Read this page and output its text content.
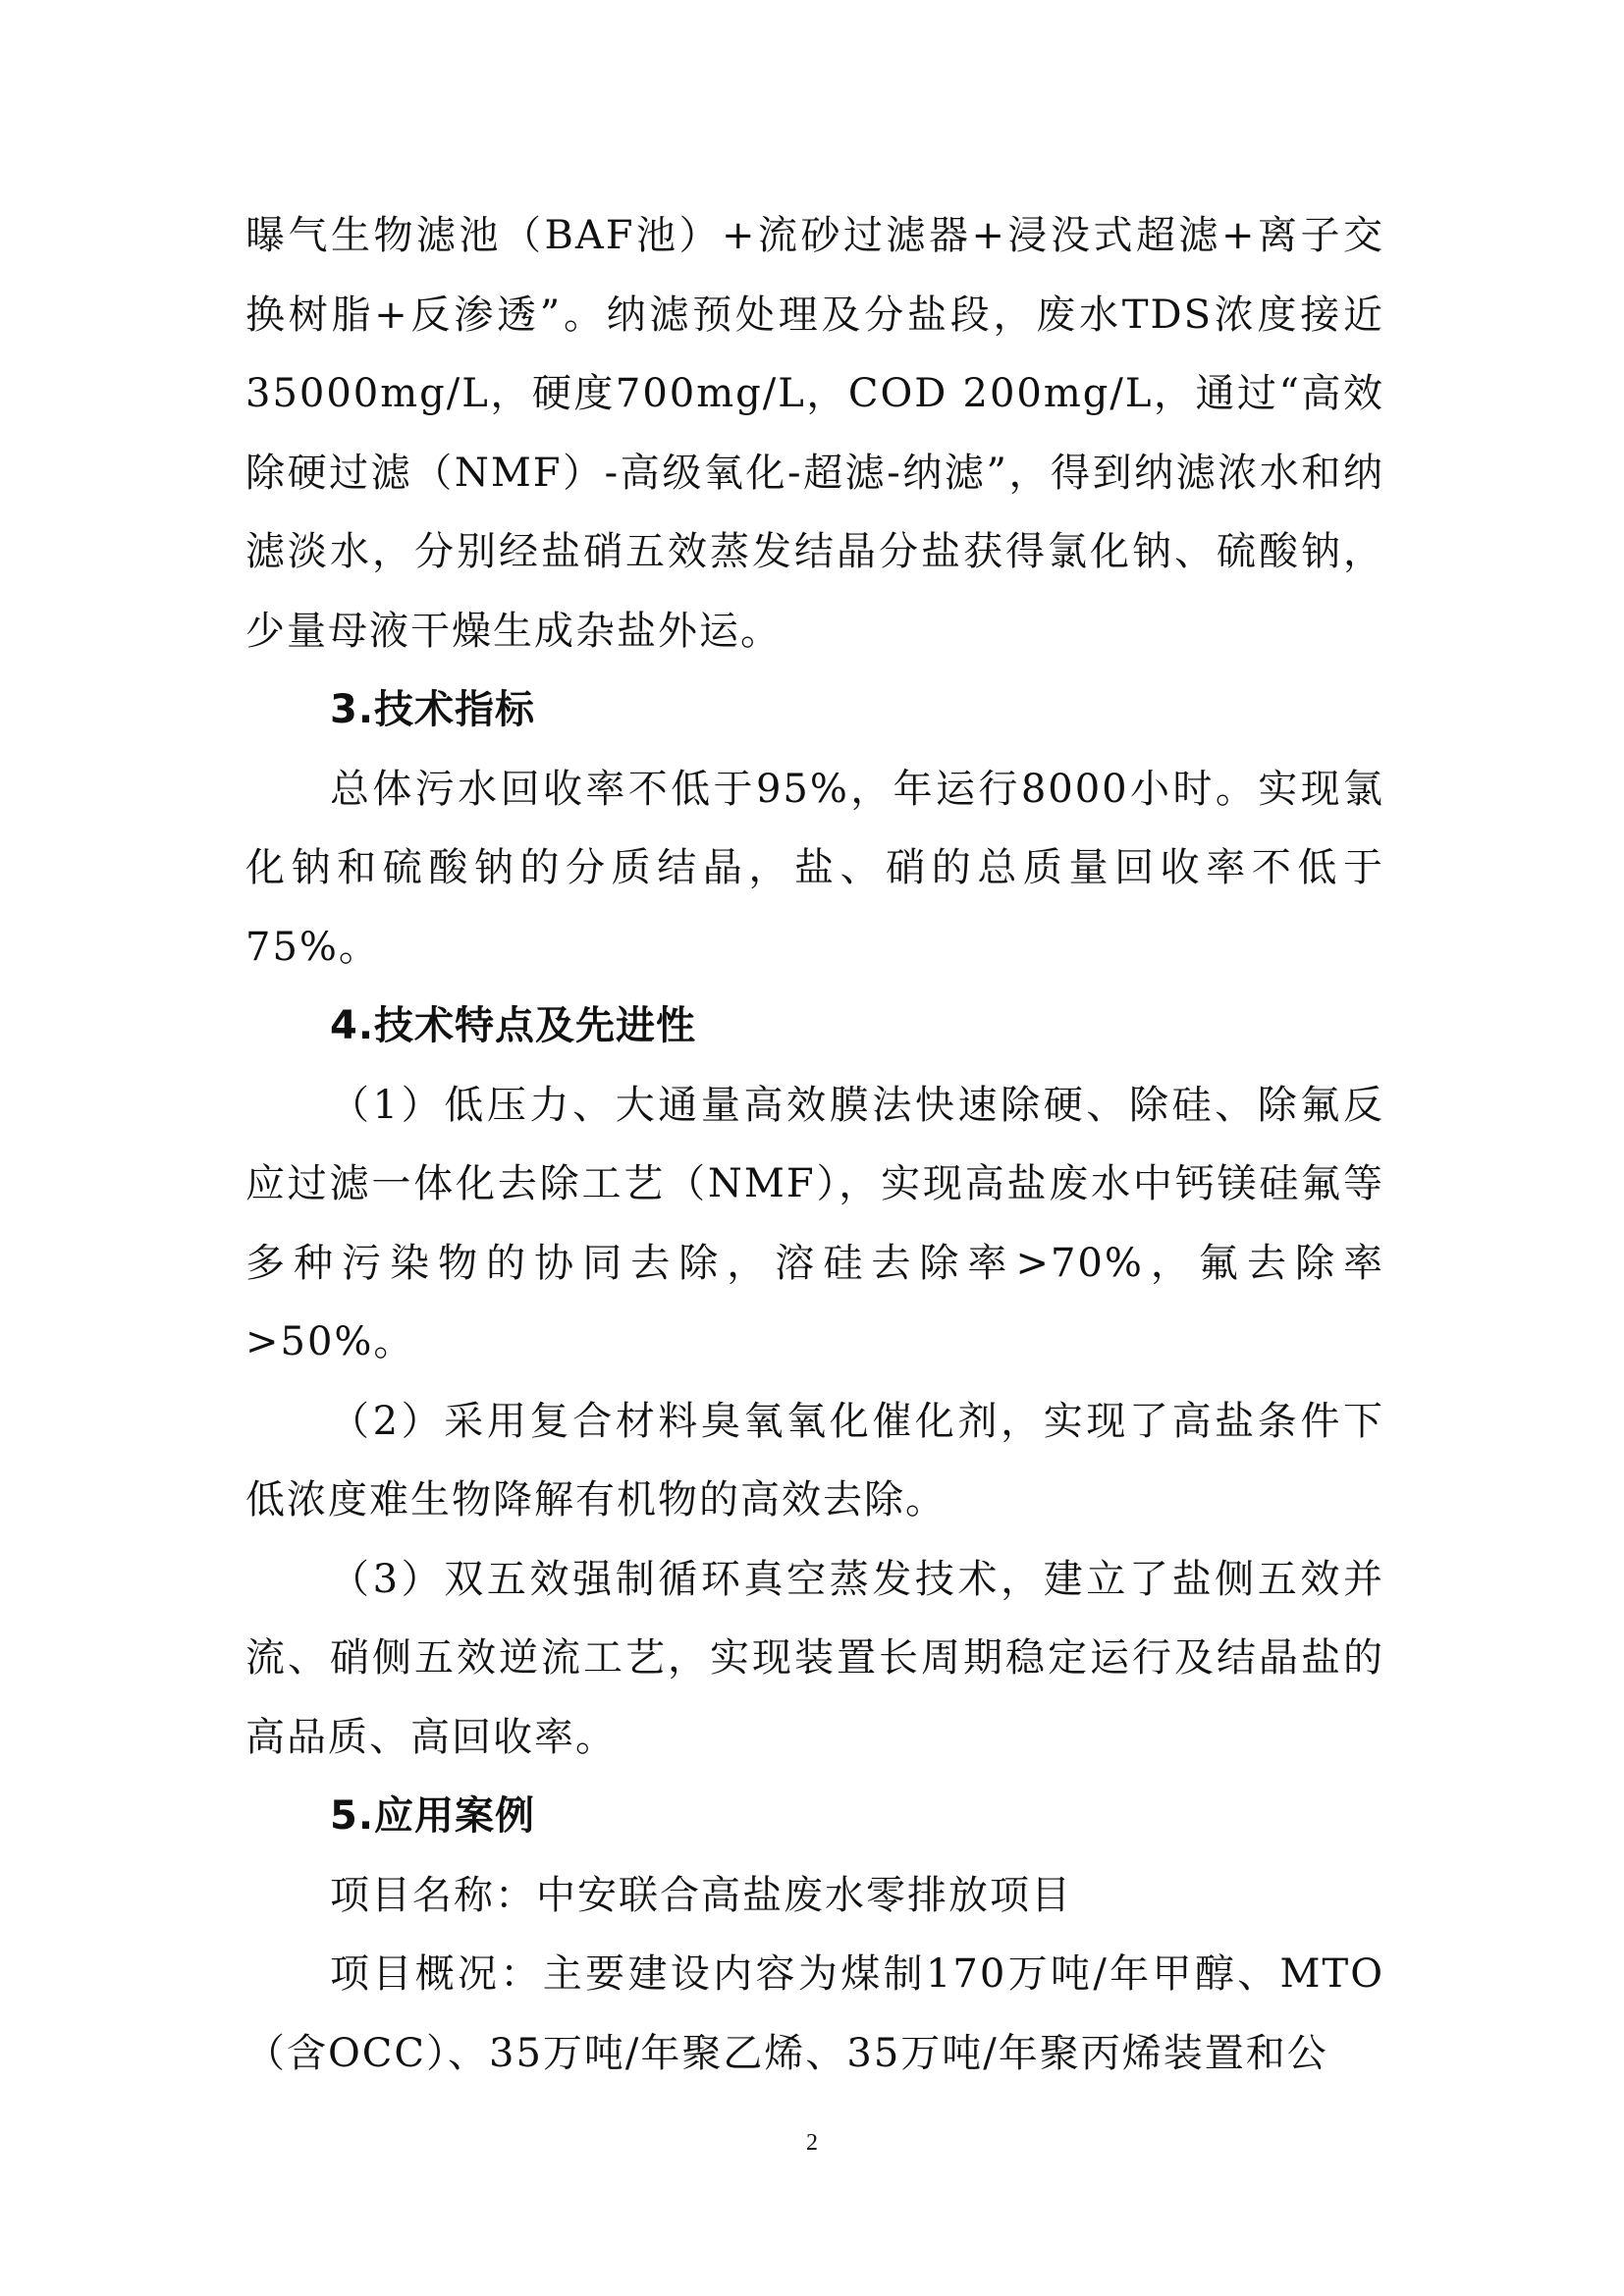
曝气生物滤池（BAF池）+流砂过滤器+浸没式超滤+离子交换树脂+反渗透”。纳滤预处理及分盐段，废水TDS浓度接近35000mg/L，硬度700mg/L，COD 200mg/L，通过“高效除硬过滤（NMF）-高级氧化-超滤-纳滤”，得到纳滤浓水和纳滤淡水，分别经盐硝五效蒸发结晶分盐获得氯化钠、硫酸钠，少量母液干燥生成杂盐外运。

3.技术指标

总体污水回收率不低于95%，年运行8000小时。实现氯化钠和硫酸钠的分质结晶，盐、硝的总质量回收率不低于75%。

4.技术特点及先进性

（1）低压力、大通量高效膜法快速除硬、除硅、除氟反应过滤一体化去除工艺（NMF），实现高盐废水中钙镁硅氟等多种污染物的协同去除，溶硅去除率>70%，氟去除率>50%。

（2）采用复合材料臭氧氧化催化剂，实现了高盐条件下低浓度难生物降解有机物的高效去除。

（3）双五效强制循环真空蒸发技术，建立了盐侧五效并流、硝侧五效逆流工艺，实现装置长周期稳定运行及结晶盐的高品质、高回收率。

5.应用案例

项目名称：中安联合高盐废水零排放项目

项目概况：主要建设内容为煤制170万吨/年甲醇、MTO（含OCC）、35万吨/年聚乙烯、35万吨/年聚丙烯装置和公

2
